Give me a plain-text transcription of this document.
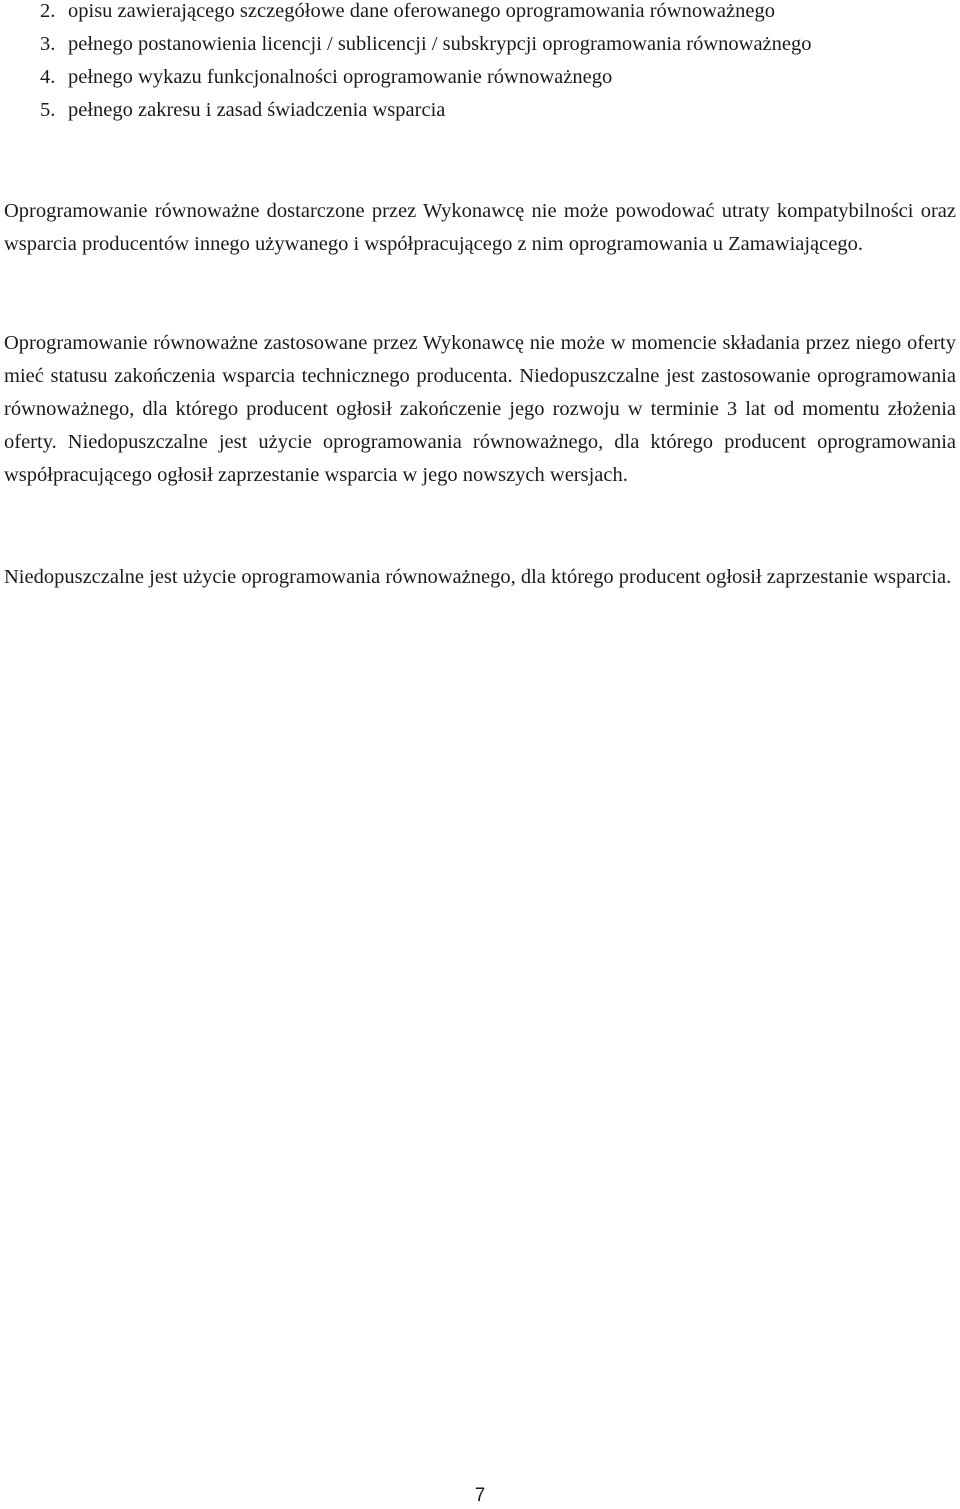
2. opisu zawierającego szczegółowe dane oferowanego oprogramowania równoważnego
3. pełnego postanowienia licencji / sublicencji / subskrypcji oprogramowania równoważnego
4. pełnego wykazu funkcjonalności oprogramowanie równoważnego
5. pełnego zakresu i zasad świadczenia wsparcia

Oprogramowanie równoważne dostarczone przez Wykonawcę nie może powodować utraty kompatybilności oraz wsparcia producentów innego używanego i współpracującego z nim oprogramowania u Zamawiającego.

Oprogramowanie równoważne zastosowane przez Wykonawcę nie może w momencie składania przez niego oferty mieć statusu zakończenia wsparcia technicznego producenta. Niedopuszczalne jest zastosowanie oprogramowania równoważnego, dla którego producent ogłosił zakończenie jego rozwoju w terminie 3 lat od momentu złożenia oferty. Niedopuszczalne jest użycie oprogramowania równoważnego, dla którego producent oprogramowania współpracującego ogłosił zaprzestanie wsparcia w jego nowszych wersjach.

Niedopuszczalne jest użycie oprogramowania równoważnego, dla którego producent ogłosił zaprzestanie wsparcia.

7
